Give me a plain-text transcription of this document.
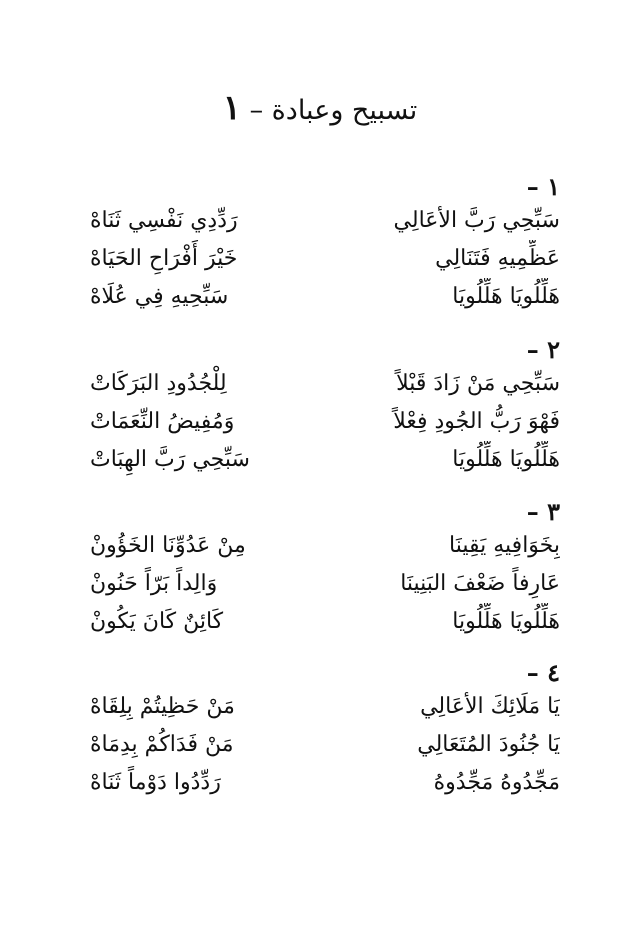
تسبيح وعبادة – ١
١ –
سَبِّحِي رَبَّ الأعَالِي
رَدِّدِي نَفْسِي ثَنَاهْ
عَظِّمِيهِ فَتَنَالِي
خَيْرَ أَفْرَاحِ الحَيَاهْ
هَلِّلُويَا هَلِّلُويَا
سَبِّحِيهِ فِي عُلَاهْ
٢ –
سَبِّحِي مَنْ زَادَ قَبْلاً
لِلْجُدُودِ البَرَكَاتْ
فَهْوَ رَبُّ الجُودِ فِعْلاً
وَمُفِيضُ النِّعَمَاتْ
هَلِّلُويَا هَلِّلُويَا
سَبِّحِي رَبَّ الهِبَاتْ
٣ –
بِخَوَافِيهِ يَقِينَا
مِنْ عَدُوِّنَا الخَؤُونْ
عَارِفاً ضَعْفَ البَنِينَا
وَالِداً بَرّاً حَنُونْ
هَلِّلُويَا هَلِّلُويَا
كَائِنٌ كَانَ يَكُونْ
٤ –
يَا مَلَائِكَ الأعَالِي
مَنْ حَظِيتُمْ بِلِقَاهْ
يَا جُنُودَ المُتَعَالِي
مَنْ فَدَاكُمْ بِدِمَاهْ
مَجِّدُوهُ مَجِّدُوهُ
رَدِّدُوا دَوْماً ثَنَاهْ
